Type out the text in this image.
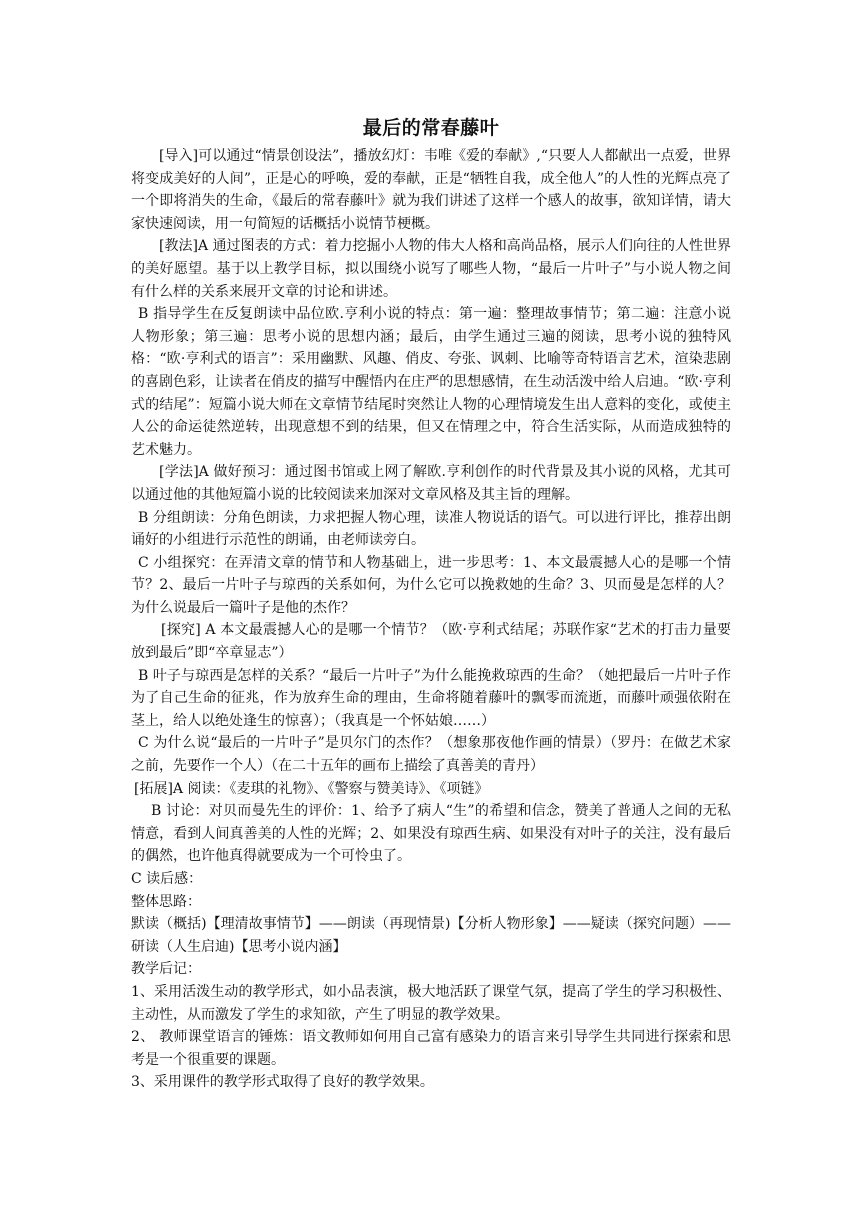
最后的常春藤叶

[导入]可以通过“情景创设法”，播放幻灯：韦唯《爱的奉献》,“只要人人都献出一点爱，世界将变成美好的人间”，正是心的呼唤，爱的奉献，正是“牺牲自我，成全他人”的人性的光辉点亮了一个即将消失的生命，《最后的常春藤叶》就为我们讲述了这样一个感人的故事，欲知详情，请大家快速阅读，用一句简短的话概括小说情节梗概。

[教法]A 通过图表的方式：着力挖掘小人物的伟大人格和高尚品格，展示人们向往的人性世界的美好愿望。基于以上教学目标，拟以围绕小说写了哪些人物，“最后一片叶子”与小说人物之间有什么样的关系来展开文章的讨论和讲述。

B 指导学生在反复朗读中品位欧.亨利小说的特点：第一遍：整理故事情节；第二遍：注意小说人物形象；第三遍：思考小说的思想内涵；最后，由学生通过三遍的阅读，思考小说的独特风格：“欧·亨利式的语言”：采用幽默、风趣、俏皮、夸张、讽刺、比喻等奇特语言艺术，渲染悲剧的喜剧色彩，让读者在俏皮的描写中醒悟内在庄严的思想感情，在生动活泼中给人启迪。“欧·亨利式的结尾”：短篇小说大师在文章情节结尾时突然让人物的心理情境发生出人意料的变化，或使主人公的命运徒然逆转，出现意想不到的结果，但又在情理之中，符合生活实际，从而造成独特的艺术魅力。

[学法]A 做好预习：通过图书馆或上网了解欧.亨利创作的时代背景及其小说的风格，尤其可以通过他的其他短篇小说的比较阅读来加深对文章风格及其主旨的理解。

B 分组朗读：分角色朗读，力求把握人物心理，读准人物说话的语气。可以进行评比，推荐出朗诵好的小组进行示范性的朗诵，由老师读旁白。

C 小组探究：在弄清文章的情节和人物基础上，进一步思考：1、本文最震撼人心的是哪一个情节？2、最后一片叶子与琼西的关系如何，为什么它可以挽救她的生命？3、贝而曼是怎样的人？为什么说最后一篇叶子是他的杰作？

[探究] A 本文最震撼人心的是哪一个情节？（欧·亨利式结尾；苏联作家“艺术的打击力量要放到最后”即“卒章显志”）

B 叶子与琼西是怎样的关系？“最后一片叶子”为什么能挽救琼西的生命？（她把最后一片叶子作为了自己生命的征兆，作为放弃生命的理由，生命将随着藤叶的飘零而流逝，而藤叶顽强依附在茎上，给人以绝处逢生的惊喜）；（我真是一个怀姑娘……）

C 为什么说“最后的一片叶子”是贝尔门的杰作？（想象那夜他作画的情景）（罗丹：在做艺术家之前，先要作一个人）（在二十五年的画布上描绘了真善美的青丹）

[拓展]A 阅读：《麦琪的礼物》、《警察与赞美诗》、《项链》

B 讨论：对贝而曼先生的评价：1、给予了病人“生”的希望和信念，赞美了普通人之间的无私情意，看到人间真善美的人性的光辉；2、如果没有琼西生病、如果没有对叶子的关注，没有最后的偶然，也许他真得就要成为一个可怜虫了。

C 读后感：

整体思路：

默读（概括)【理清故事情节】——朗读（再现情景)【分析人物形象】——疑读（探究问题）——研读（人生启迪)【思考小说内涵】

教学后记：

1、采用活泼生动的教学形式，如小品表演，极大地活跃了课堂气氛，提高了学生的学习积极性、主动性，从而激发了学生的求知欲，产生了明显的教学效果。

2、 教师课堂语言的锤炼：语文教师如何用自己富有感染力的语言来引导学生共同进行探索和思考是一个很重要的课题。

3、采用课件的教学形式取得了良好的教学效果。
